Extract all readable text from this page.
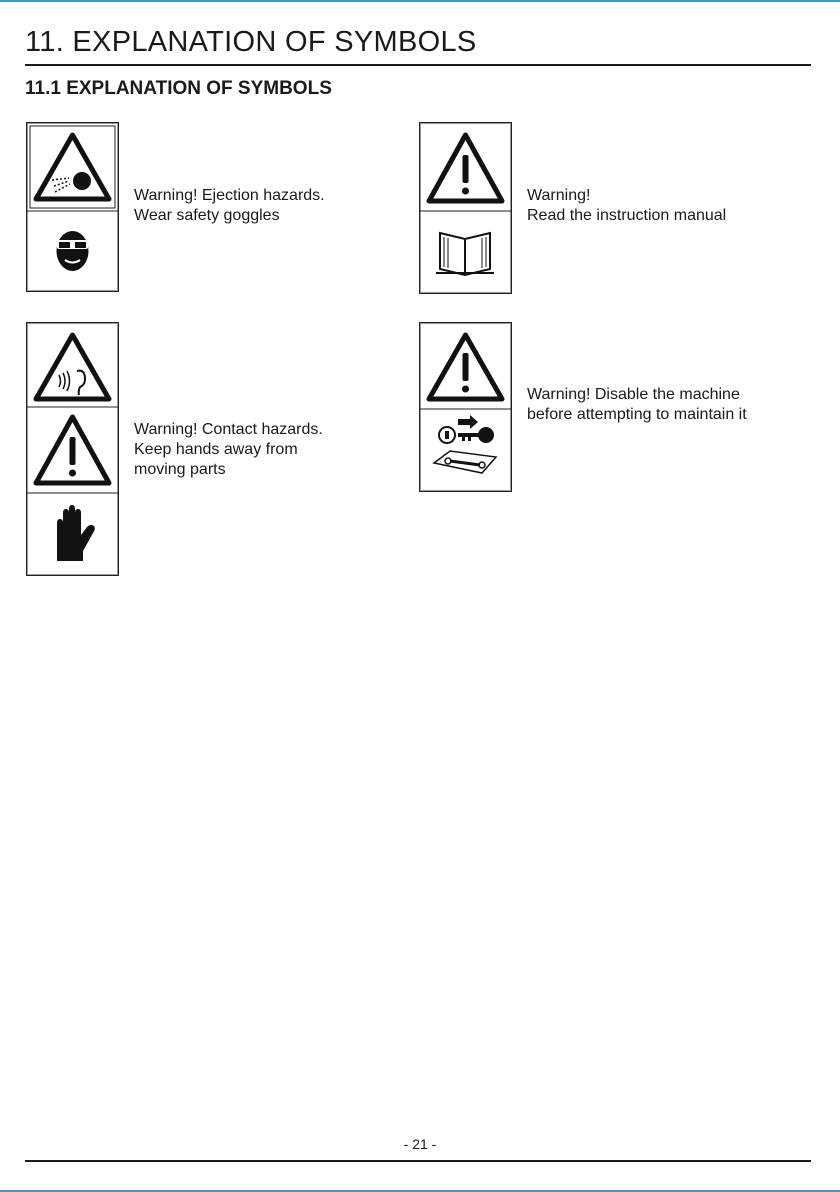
11. EXPLANATION OF SYMBOLS
11.1 EXPLANATION OF SYMBOLS
Warning! Ejection hazards.
Wear safety goggles
Warning!
Read the instruction manual
Warning! Contact hazards.
Keep hands away from
moving parts
Warning! Disable the machine
before attempting to maintain it
- 21 -
